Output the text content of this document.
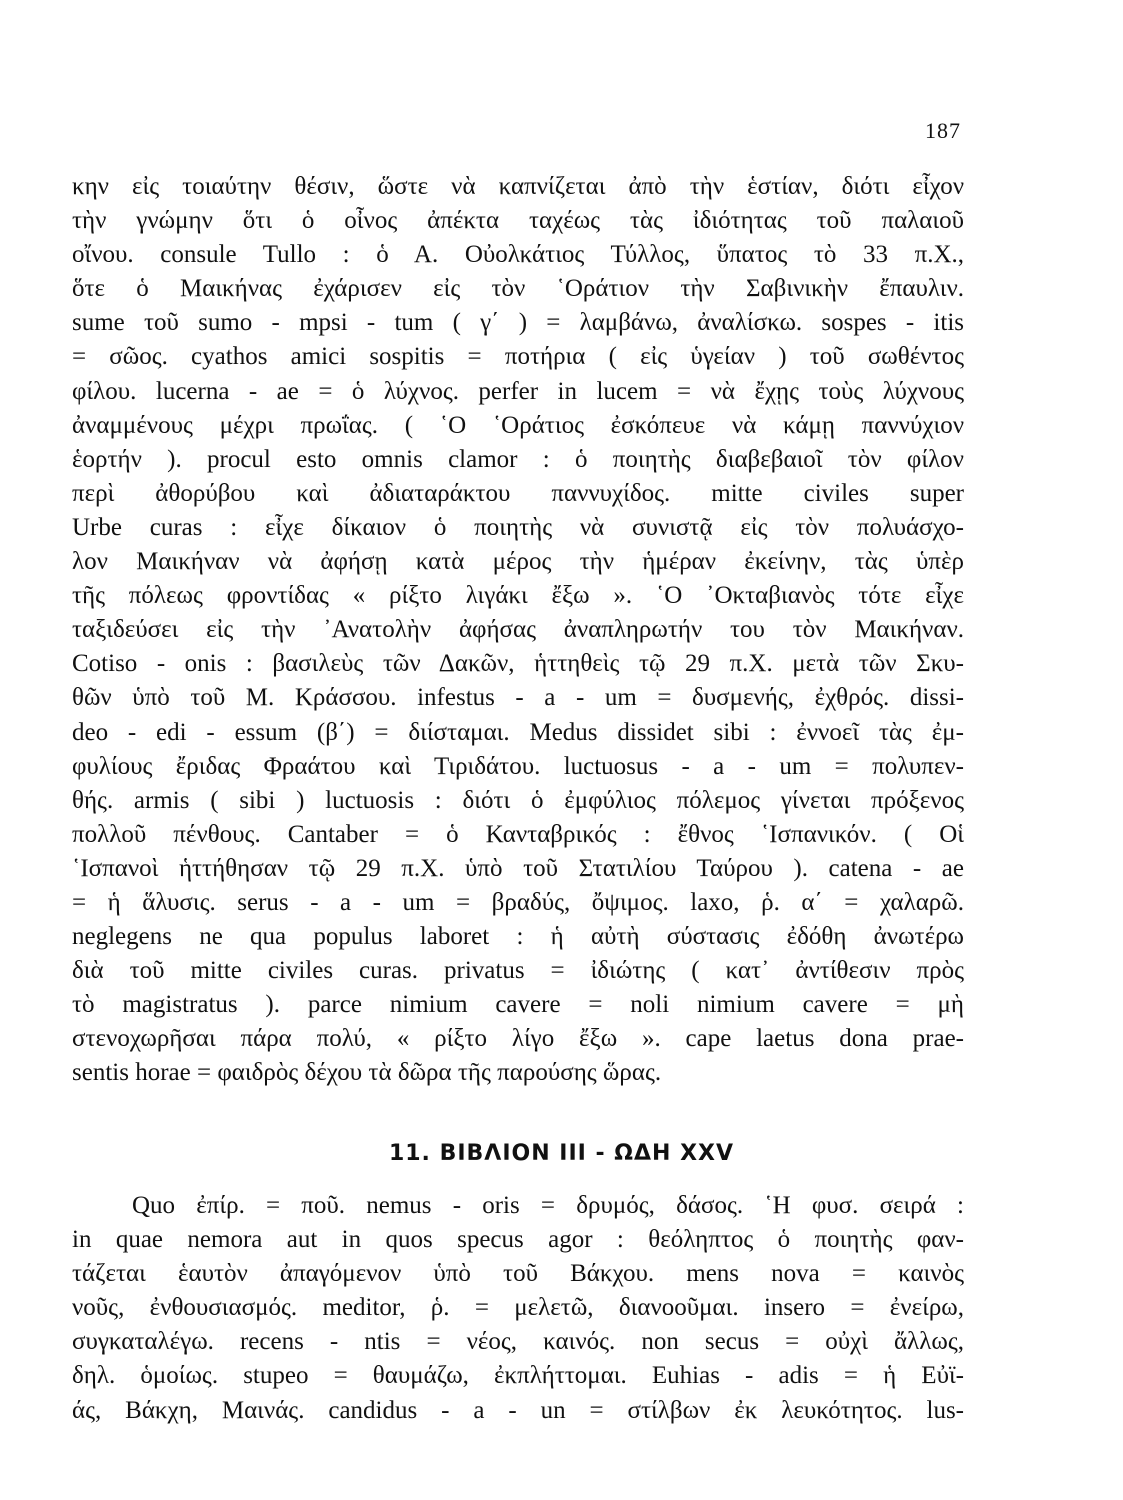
187
κην εἰς τοιαύτην θέσιν, ὥστε νὰ καπνίζεται ἀπὸ τὴν ἑστίαν, διότι εἶχον
τὴν γνώμην ὅτι ὁ οἶνος ἀπέκτα ταχέως τὰς ἰδιότητας τοῦ παλαιοῦ
οἴνου. consule Tullo : ὁ Α. Οὐολκάτιος Τύλλος, ὕπατος τὸ 33 π.Χ.,
ὅτε ὁ Μαικήνας ἐχάρισεν εἰς τὸν ῾Οράτιον τὴν Σαβινικὴν ἔπαυλιν.
sume τοῦ sumo - mpsi - tum ( γ΄ ) = λαμβάνω, ἀναλίσκω. sospes - itis
= σῶος. cyathos amici sospitis = ποτήρια ( εἰς ὑγείαν ) τοῦ σωθέντος
φίλου. lucerna - ae = ὁ λύχνος. perfer in lucem = νὰ ἔχῃς τοὺς λύχνους
ἀναμμένους μέχρι πρωΐας. ( ῾Ο ῾Οράτιος ἐσκόπευε νὰ κάμῃ παννύχιον
ἑορτήν ). procul esto omnis clamor : ὁ ποιητὴς διαβεβαιοῖ τὸν φίλον
περὶ ἀθορύβου καὶ ἀδιαταράκτου παννυχίδος. mitte civiles super
Urbe curas : εἶχε δίκαιον ὁ ποιητὴς νὰ συνιστᾷ εἰς τὸν πολυάσχο-
λον Μαικήναν νὰ ἀφήσῃ κατὰ μέρος τὴν ἡμέραν ἐκείνην, τὰς ὑπὲρ
τῆς πόλεως φροντίδας « ρίξτο λιγάκι ἔξω ». ῾Ο ᾿Οκταβιανὸς τότε εἶχε
ταξιδεύσει εἰς τὴν ᾿Ανατολὴν ἀφήσας ἀναπληρωτήν του τὸν Μαικήναν.
Cotiso - onis : βασιλεὺς τῶν Δακῶν, ἡττηθεὶς τῷ 29 π.Χ. μετὰ τῶν Σκυ-
θῶν ὑπὸ τοῦ Μ. Κράσσου. infestus - a - um = δυσμενής, ἐχθρός. dissi-
deo - edi - essum (β΄) = διίσταμαι. Medus dissidet sibi : ἐννοεῖ τὰς ἐμ-
φυλίους ἔριδας Φραάτου καὶ Τιριδάτου. luctuosus - a - um = πολυπεν-
θής. armis ( sibi ) luctuosis : διότι ὁ ἐμφύλιος πόλεμος γίνεται πρόξενος
πολλοῦ πένθους. Cantaber = ὁ Κανταβρικός : ἔθνος ῾Ισπανικόν. ( Οἱ
῾Ισπανοὶ ἡττήθησαν τῷ 29 π.Χ. ὑπὸ τοῦ Στατιλίου Ταύρου ). catena - ae
= ἡ ἅλυσις. serus - a - um = βραδύς, ὄψιμος. laxo, ῥ. α΄ = χαλαρῶ.
neglegens ne qua populus laboret : ἡ αὐτὴ σύστασις ἐδόθη ἀνωτέρω
διὰ τοῦ mitte civiles curas. privatus = ἰδιώτης ( κατ᾿ ἀντίθεσιν πρὸς
τὸ magistratus ). parce nimium cavere = noli nimium cavere = μὴ
στενοχωρῆσαι πάρα πολύ, « ρίξτο λίγο ἔξω ». cape laetus dona prae-
sentis horae = φαιδρὸς δέχου τὰ δῶρα τῆς παρούσης ὥρας.
11. ΒΙΒΛΙΟΝ ΙΙΙ - ΩΔΗ XXV
Quo ἐπίρ. = ποῦ. nemus - oris = δρυμός, δάσος. ῾Η φυσ. σειρά :
in quae nemora aut in quos specus agor : θεόληπτος ὁ ποιητὴς φαν-
τάζεται ἑαυτὸν ἀπαγόμενον ὑπὸ τοῦ Βάκχου. mens nova = καινὸς
νοῦς, ἐνθουσιασμός. meditor, ῥ. = μελετῶ, διανοοῦμαι. insero = ἐνείρω,
συγκαταλέγω. recens - ntis = νέος, καινός. non secus = οὐχὶ ἄλλως,
δηλ. ὁμοίως. stupeo = θαυμάζω, ἐκπλήττομαι. Euhias - adis = ἡ Εὐϊ-
άς, Βάκχη, Μαινάς. candidus - a - un = στίλβων ἐκ λευκότητος. lus-
